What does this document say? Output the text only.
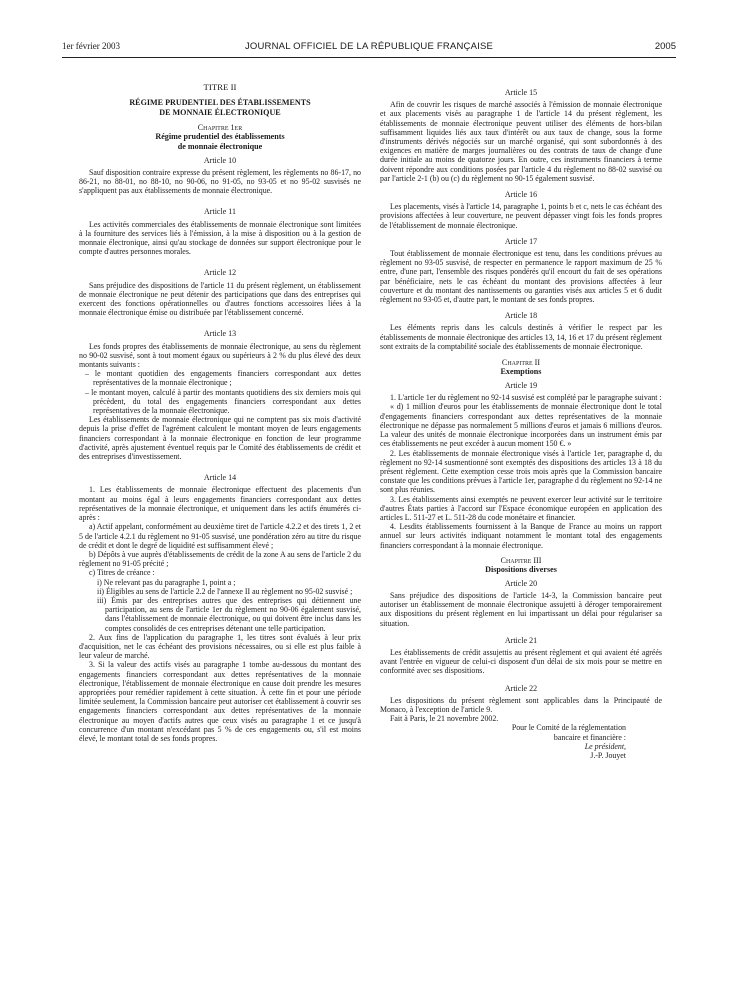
1er février 2003	JOURNAL OFFICIEL DE LA RÉPUBLIQUE FRANÇAISE	2005
TITRE II
RÉGIME PRUDENTIEL DES ÉTABLISSEMENTS
DE MONNAIE ÉLECTRONIQUE
Chapitre 1er
Régime prudentiel des établissements
de monnaie électronique
Article 10

Sauf disposition contraire expresse du présent règlement, les règlements no 86-17, no 86-21, no 88-01, no 88-10, no 90-06, no 91-05, no 93-05 et no 95-02 susvisés ne s'appliquent pas aux établissements de monnaie électronique.

Article 11

Les activités commerciales des établissements de monnaie électronique sont limitées à la fourniture des services liés à l'émission, à la mise à disposition ou à la gestion de monnaie électronique, ainsi qu'au stockage de données sur support électronique pour le compte d'autres personnes morales.

Article 12

Sans préjudice des dispositions de l'article 11 du présent règlement, un établissement de monnaie électronique ne peut détenir des participations que dans des entreprises qui exercent des fonctions opérationnelles ou d'autres fonctions accessoires liées à la monnaie électronique émise ou distribuée par l'établissement concerné.

Article 13

Les fonds propres des établissements de monnaie électronique, au sens du règlement no 90-02 susvisé, sont à tout moment égaux ou supérieurs à 2 % du plus élevé des deux montants suivants :

– le montant quotidien des engagements financiers correspondant aux dettes représentatives de la monnaie électronique ;

– le montant moyen, calculé à partir des montants quotidiens des six derniers mois qui précèdent, du total des engagements financiers correspondant aux dettes représentatives de la monnaie électronique.

Les établissements de monnaie électronique qui ne comptent pas six mois d'activité depuis la prise d'effet de l'agrément calculent le montant moyen de leurs engagements financiers correspondant à la monnaie électronique en fonction de leur programme d'activité, après ajustement éventuel requis par le Comité des établissements de crédit et des entreprises d'investissement.

Article 14

1. Les établissements de monnaie électronique effectuent des placements d'un montant au moins égal à leurs engagements financiers correspondant aux dettes représentatives de la monnaie électronique, et uniquement dans les actifs énumérés ci-après :

a) Actif appelant, conformément au deuxième tiret de l'article 4.2.2 et des tirets 1, 2 et 5 de l'article 4.2.1 du règlement no 91-05 susvisé, une pondération zéro au titre du risque de crédit et dont le degré de liquidité est suffisamment élevé ;

b) Dépôts à vue auprès d'établissements de crédit de la zone A au sens de l'article 2 du règlement no 91-05 précité ;

c) Titres de créance :

i) Ne relevant pas du paragraphe 1, point a ;

ii) Éligibles au sens de l'article 2.2 de l'annexe II au règlement no 95-02 susvisé ;

iii) Émis par des entreprises autres que des entreprises qui détiennent une participation, au sens de l'article 1er du règlement no 90-06 également susvisé, dans l'établissement de monnaie électronique, ou qui doivent être inclus dans les comptes consolidés de ces entreprises détenant une telle participation.

2. Aux fins de l'application du paragraphe 1, les titres sont évalués à leur prix d'acquisition, net le cas échéant des provisions nécessaires, ou si elle est plus faible à leur valeur de marché.

3. Si la valeur des actifs visés au paragraphe 1 tombe au-dessous du montant des engagements financiers correspondant aux dettes représentatives de la monnaie électronique, l'établissement de monnaie électronique en cause doit prendre les mesures appropriées pour remédier rapidement à cette situation. À cette fin et pour une période limitée seulement, la Commission bancaire peut autoriser cet établissement à couvrir ses engagements financiers correspondant aux dettes représentatives de la monnaie électronique au moyen d'actifs autres que ceux visés au paragraphe 1 et ce jusqu'à concurrence d'un montant n'excédant pas 5 % de ces engagements ou, s'il est moins élevé, le montant total de ses fonds propres.

Article 15

Afin de couvrir les risques de marché associés à l'émission de monnaie électronique et aux placements visés au paragraphe 1 de l'article 14 du présent règlement, les établissements de monnaie électronique peuvent utiliser des éléments de hors-bilan suffisamment liquides liés aux taux d'intérêt ou aux taux de change, sous la forme d'instruments dérivés négociés sur un marché organisé, qui sont subordonnés à des exigences en matière de marges journalières ou des contrats de taux de change d'une durée initiale au moins de quatorze jours. En outre, ces instruments financiers à terme doivent répondre aux conditions posées par l'article 4 du règlement no 88-02 susvisé ou par l'article 2-1 (b) ou (c) du règlement no 90-15 également susvisé.

Article 16

Les placements, visés à l'article 14, paragraphe 1, points b et c, nets le cas échéant des provisions affectées à leur couverture, ne peuvent dépasser vingt fois les fonds propres de l'établissement de monnaie électronique.

Article 17

Tout établissement de monnaie électronique est tenu, dans les conditions prévues au règlement no 93-05 susvisé, de respecter en permanence le rapport maximum de 25 % entre, d'une part, l'ensemble des risques pondérés qu'il encourt du fait de ses opérations par bénéficiaire, nets le cas échéant du montant des provisions affectées à leur couverture et du montant des nantissements ou garanties visés aux articles 5 et 6 dudit règlement no 93-05 et, d'autre part, le montant de ses fonds propres.

Article 18

Les éléments repris dans les calculs destinés à vérifier le respect par les établissements de monnaie électronique des articles 13, 14, 16 et 17 du présent règlement sont extraits de la comptabilité sociale des établissements de monnaie électronique.

Chapitre II
Exemptions
Article 19

1. L'article 1er du règlement no 92-14 susvisé est complété par le paragraphe suivant :

« d) 1 million d'euros pour les établissements de monnaie électronique dont le total d'engagements financiers correspondant aux dettes représentatives de la monnaie électronique ne dépasse pas normalement 5 millions d'euros et jamais 6 millions d'euros. La valeur des unités de monnaie électronique incorporées dans un instrument émis par ces établissements ne peut excéder à aucun moment 150 €. »

2. Les établissements de monnaie électronique visés à l'article 1er, paragraphe d, du règlement no 92-14 susmentionné sont exemptés des dispositions des articles 13 à 18 du présent règlement. Cette exemption cesse trois mois après que la Commission bancaire constate que les conditions prévues à l'article 1er, paragraphe d du règlement no 92-14 ne sont plus réunies.

3. Les établissements ainsi exemptés ne peuvent exercer leur activité sur le territoire d'autres États parties à l'accord sur l'Espace économique européen en application des articles L. 511-27 et L. 511-28 du code monétaire et financier.

4. Lesdits établissements fournissent à la Banque de France au moins un rapport annuel sur leurs activités indiquant notamment le montant total des engagements financiers correspondant à la monnaie électronique.

Chapitre III
Dispositions diverses
Article 20

Sans préjudice des dispositions de l'article 14-3, la Commission bancaire peut autoriser un établissement de monnaie électronique assujetti à déroger temporairement aux dispositions du présent règlement en lui impartissant un délai pour régulariser sa situation.

Article 21

Les établissements de crédit assujettis au présent règlement et qui avaient été agréés avant l'entrée en vigueur de celui-ci disposent d'un délai de six mois pour se mettre en conformité avec ses dispositions.

Article 22

Les dispositions du présent règlement sont applicables dans la Principauté de Monaco, à l'exception de l'article 9.

Fait à Paris, le 21 novembre 2002.

Pour le Comité de la réglementation
bancaire et financière :
Le président,
J.-P. Jouyet
